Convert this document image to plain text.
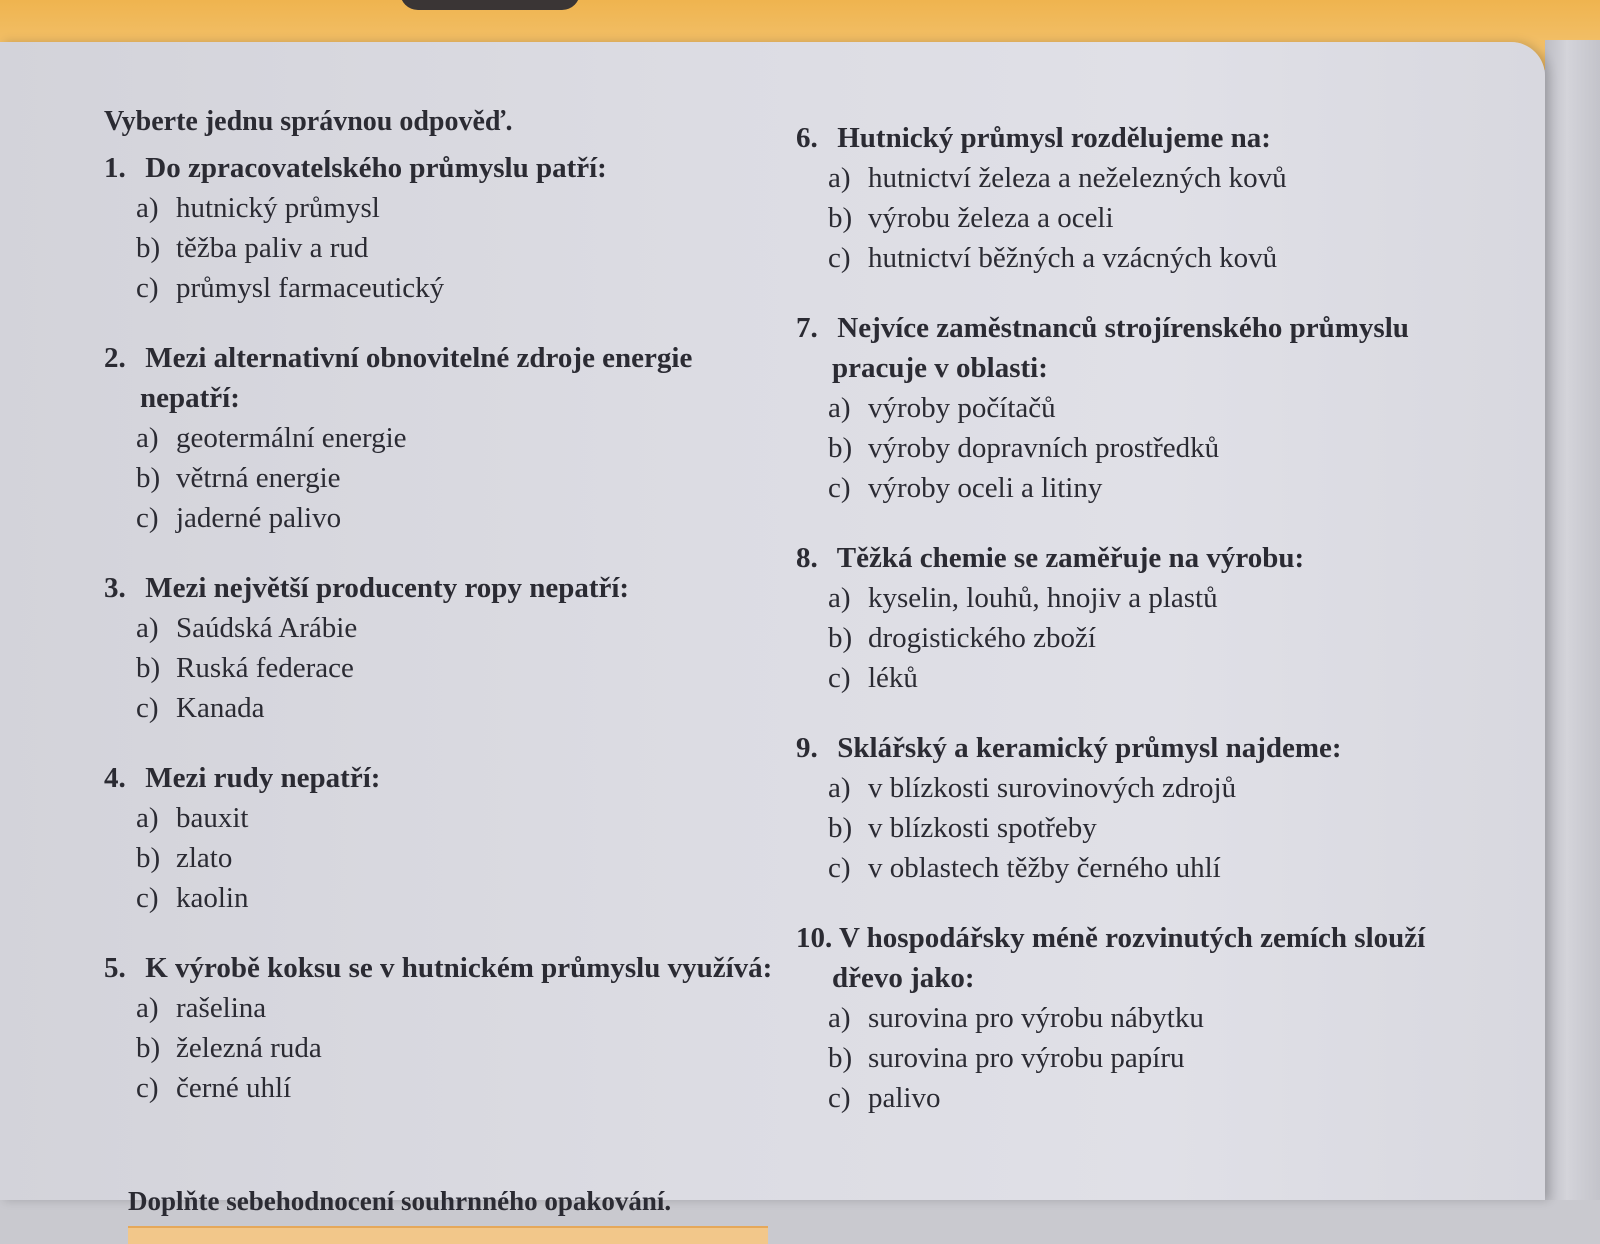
Vyberte jednu správnou odpověď.

1. Do zpracovatelského průmyslu patří:

a) hutnický průmysl
b) těžba paliv a rud
c) průmysl farmaceutický

2. Mezi alternativní obnovitelné zdroje energie nepatří:

a) geotermální energie
b) větrná energie
c) jaderné palivo

3. Mezi největší producenty ropy nepatří:

a) Saúdská Arábie
b) Ruská federace
c) Kanada

4. Mezi rudy nepatří:

a) bauxit
b) zlato
c) kaolin

5. K výrobě koksu se v hutnickém průmyslu využívá:

a) rašelina
b) železná ruda
c) černé uhlí

6. Hutnický průmysl rozdělujeme na:

a) hutnictví železa a neželezných kovů
b) výrobu železa a oceli
c) hutnictví běžných a vzácných kovů

7. Nejvíce zaměstnanců strojírenského průmyslu pracuje v oblasti:

a) výroby počítačů
b) výroby dopravních prostředků
c) výroby oceli a litiny

8. Těžká chemie se zaměřuje na výrobu:

a) kyselin, louhů, hnojiv a plastů
b) drogistického zboží
c) léků

9. Sklářský a keramický průmysl najdeme:

a) v blízkosti surovinových zdrojů
b) v blízkosti spotřeby
c) v oblastech těžby černého uhlí

10. V hospodářsky méně rozvinutých zemích slouží dřevo jako:

a) surovina pro výrobu nábytku
b) surovina pro výrobu papíru
c) palivo
Doplňte sebehodnocení souhrnného opakování.
